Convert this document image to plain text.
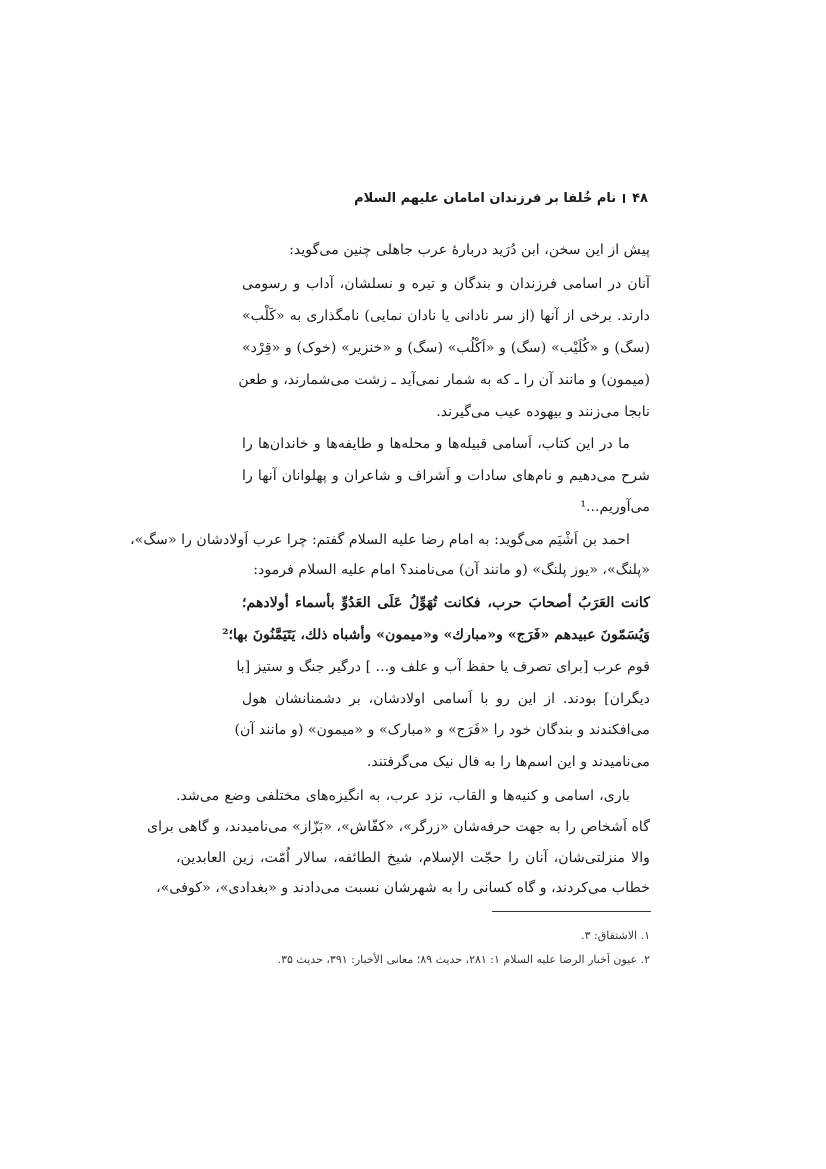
۴۸
نام خُلفا بر فرزندان امامان علیهم السلام
پیش از این سخن، ابن دُرَید دربارهٔ عرب جاهلی چنین می‌گوید:
آنان در اسامی فرزندان و بندگان و تیره و نسلشان، آداب و رسومی
دارند. برخی از آنها (از سر نادانی یا نادان نمایی) نامگذاری به «کَلْب»
(سگ) و «کُلَیْب» (سگ) و «اَکْلُب» (سگ) و «خنزیر» (خوک) و «قِرْد»
(میمون) و مانند آن را ـ که به شمار نمی‌آید ـ زشت می‌شمارند، و طعن
نابجا می‌زنند و بیهوده عیب می‌گیرند.
ما در این کتاب، اَسامی قبیله‌ها و محله‌ها و طایفه‌ها و خاندان‌ها را
شرح می‌دهیم و نام‌های سادات و اَشراف و شاعران و پهلوانان آنها را
می‌آوریم...¹
احمد بن اَشْیَم می‌گوید: به امام رضا علیه السلام گفتم: چرا عرب اَولادشان را «سگ»،
«پلنگ»، «یوز پلنگ» (و مانند آن) می‌نامند؟ امام علیه السلام فرمود:
كانت العَرَبُ أصحابَ حرب، فكانت تُهَوِّلُ عَلَى العَدُوِّ بأسماء أولادهم؛
وَيُسَمّونَ عبيدهم «فَرَج» و«مبارك» و«ميمون» وأشباه ذلك، يَتَيَمَّنُونَ بها؛²
قوم عرب [برای تصرف یا حفظ آب و علف و... ] درگیر جنگ و ستیز [با
دیگران] بودند. از این رو با اَسامی اولادشان، بر دشمنانشان هول
می‌افکندند و بندگان خود را «فَرَج» و «مبارک» و «میمون» (و مانند آن)
می‌نامیدند و این اسم‌ها را به فال نیک می‌گرفتند.
باری، اسامی و کنیه‌ها و القاب، نزد عرب، به انگیزه‌های مختلفی وضع می‌شد.
گاه اَشخاص را به جهت حرفه‌شان «زرگر»، «کفّاش»، «بَزّاز» می‌نامیدند، و گاهی برای
والا منزلتی‌شان، آنان را حجّت الإسلام، شیخ الطائفه، سالار اُمّت، زین العابدین،
خطاب می‌کردند، و گاه کسانی را به شهرشان نسبت می‌دادند و «بغدادی»، «کوفی»،
۱. الاشتقاق: ۳.
۲. عیون اَخبار الرضا علیه السلام ۱: ۲۸۱، حدیث ۸۹؛ معانی الأخبار: ۳۹۱، حدیث ۳۵.
